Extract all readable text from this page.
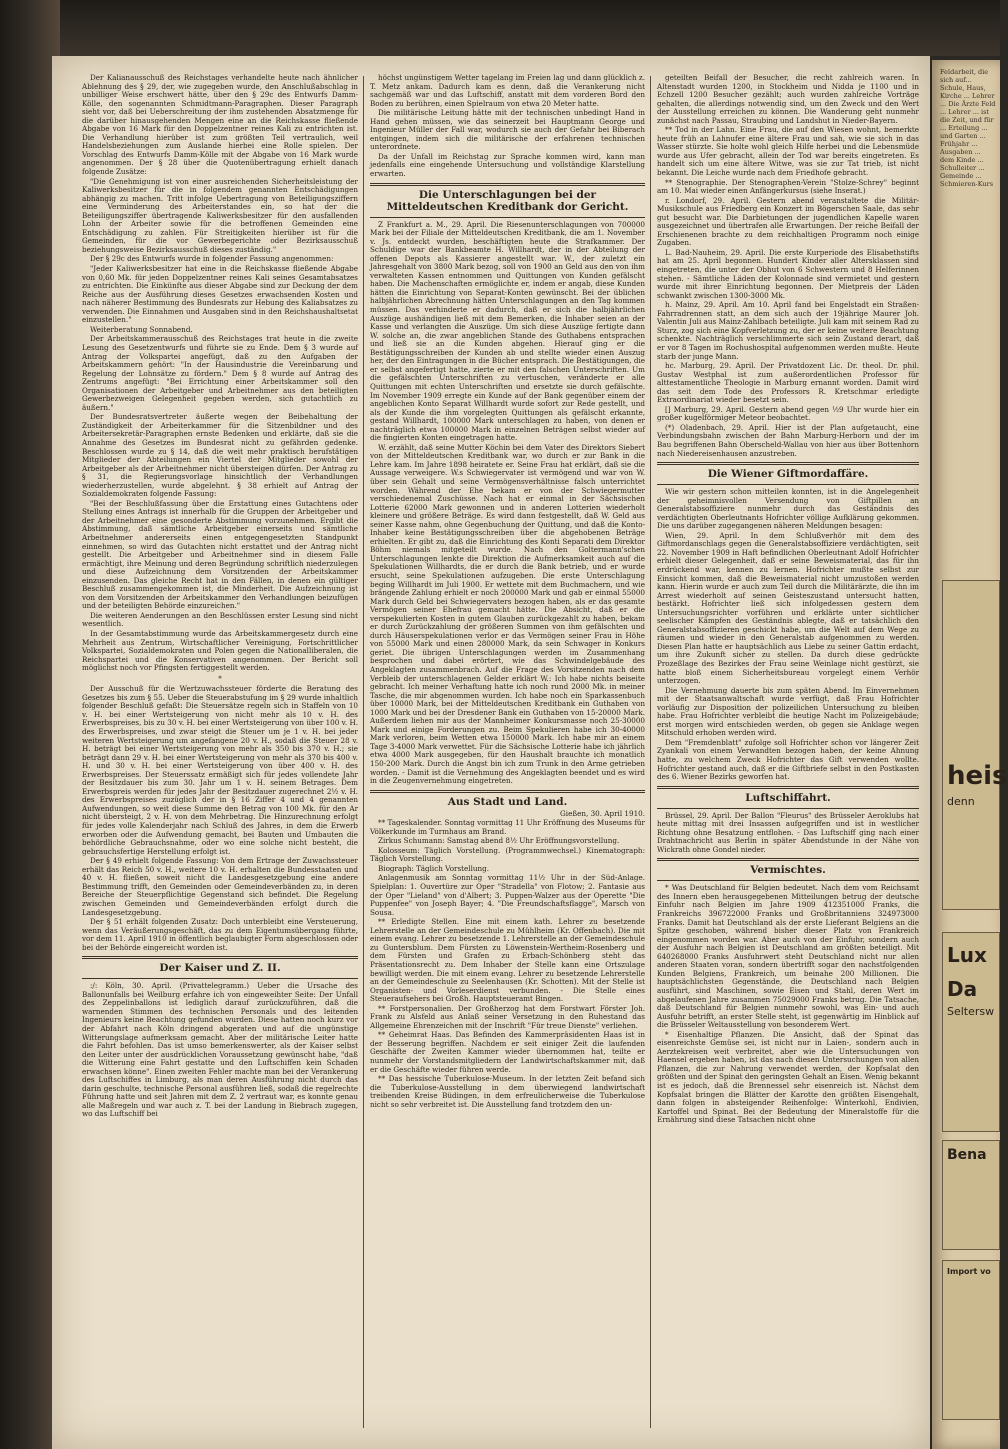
Der Kalianausschuß des Reichstages verhandelte heute nach ähnlicher Ablehnung des § 29, der, wie zugegeben wurde, den Anschlußabschlag in unbilliger Weise erschwert hätte, über den § 29c des Entwurfs Damm-Kölle, den sogenannten Schmidtmann-Paragraphen. Dieser Paragraph sieht vor, daß bei Ueberschreitung der ihm zustehenden Absatzmenge für die darüber hinausgehenden Mengen eine an die Reichskasse fließende Abgabe von 16 Mark für den Doppelzentner reines Kali zu entrichten ist. Die Verhandlung hierüber ist zum größten Teil vertraulich, weil Handelsbeziehungen zum Auslande hierbei eine Rolle spielen. Der Vorschlag des Entwurfs Damm-Kölle mit der Abgabe von 16 Mark wurde angenommen. Der § 28 über die Quotenübertragung erhielt danach folgende Zusätze:

"Die Genehmigung ist von einer ausreichenden Sicherheitsleistung der Kaliwerksbesitzer für die in folgendem genannten Entschädigungen abhängig zu machen. Tritt infolge Uebertragung von Beteiligungsziffern eine Verminderung des Arbeiterstandes ein, so hat der die Beteiligungsziffer übertragende Kaliwerksbesitzer für den ausfallenden Lohn der Arbeiter sowie für die betroffenen Gemeinden eine Entschädigung zu zahlen. Für Streitigkeiten hierüber ist für die Gemeinden, für die vor Gewerbegerichte oder Bezirksausschuß beziehungsweise Bezirksausschuß dieses zuständig."

Der § 29c des Entwurfs wurde in folgender Fassung angenommen:

"Jeder Kaliwerksbesitzer hat eine in die Reichskasse fließende Abgabe von 0,60 Mk. für jeden Doppelzentner reines Kali seines Gesamtabsatzes zu entrichten. Die Einkünfte aus dieser Abgabe sind zur Deckung der dem Reiche aus der Ausführung dieses Gesetzes erwachsenden Kosten und nach näherer Bestimmung des Bundesrats zur Hebung des Kaliabsatzes zu verwenden. Die Einnahmen und Ausgaben sind in den Reichshaushaltsetat einzustellen."

Weiterberatung Sonnabend.

Der Arbeitskammerausschuß des Reichstages trat heute in die zweite Lesung des Gesetzentwurfs und führte sie zu Ende. Dem § 3 wurde auf Antrag der Volkspartei angefügt, daß zu den Aufgaben der Arbeitskammern gehört: "In der Hausindustrie die Vereinbarung und Regelung der Lohnsätze zu fördern." Dem § 8 wurde auf Antrag des Zentrums angefügt: "Bei Errichtung einer Arbeitskammer soll den Organisationen der Arbeitgeber und Arbeitnehmer aus den beteiligten Gewerbezweigen Gelegenheit gegeben werden, sich gutachtlich zu äußern."

Der Bundesratsvertreter äußerte wegen der Beibehaltung der Zuständigkeit der Arbeiterkammer für die Sitzenbildner und des Arbeitersekretär-Paragraphen ernste Bedenken und erklärte, daß sie die Annahme des Gesetzes im Bundesrat nicht zu gefährden gedenke. Beschlossen wurde zu § 14, daß die weit mehr praktisch berufstätigen Mitglieder der Abteilungen ein Viertel der Mitglieder sowohl der Arbeitgeber als der Arbeitnehmer nicht übersteigen dürfen. Der Antrag zu § 31, die Regierungsvorlage hinsichtlich der Verhandlungen wiederherzustellen, wurde abgelehnt. § 38 erhielt auf Antrag der Sozialdemokraten folgende Fassung:

"Bei der Beschlußfassung über die Erstattung eines Gutachtens oder Stellung eines Antrags ist innerhalb für die Gruppen der Arbeitgeber und der Arbeitnehmer eine gesonderte Abstimmung vorzunehmen. Ergibt die Abstimmung, daß sämtliche Arbeitgeber einerseits und sämtliche Arbeitnehmer andererseits einen entgegengesetzten Standpunkt einnehmen, so wird das Gutachten nicht erstattet und der Antrag nicht gestellt. Die Arbeitgeber und Arbeitnehmer sind in diesem Falle ermächtigt, ihre Meinung und deren Begründung schriftlich niederzulegen und diese Aufzeichnung dem Vorsitzenden der Arbeitskammer einzusenden. Das gleiche Recht hat in den Fällen, in denen ein gültiger Beschluß zusammengekommen ist, die Minderheit. Die Aufzeichnung ist von dem Vorsitzenden der Arbeitskammer den Verhandlungen beizufügen und der beteiligten Behörde einzureichen."

Die weiteren Aenderungen an den Beschlüssen erster Lesung sind nicht wesentlich.

In der Gesamtabstimmung wurde das Arbeitskammergesetz durch eine Mehrheit aus Zentrum, Wirtschaftlicher Vereinigung, Fortschrittlicher Volkspartei, Sozialdemokraten und Polen gegen die Nationalliberalen, die Reichspartei und die Konservativen angenommen. Der Bericht soll möglichst noch vor Pfingsten fertiggestellt werden.

*

Der Ausschuß für die Wertzuwachssteuer förderte die Beratung des Gesetzes bis zum § 55. Ueber die Steuerabstufung im § 29 wurde inhaltlich folgender Beschluß gefaßt: Die Steuersätze regeln sich in Staffeln von 10 v. H. bei einer Wertsteigerung von nicht mehr als 10 v. H. des Erwerbspreises, bis zu 30 v. H. bei einer Wertsteigerung von über 100 v. H. des Erwerbspreises, und zwar steigt die Steuer um je 1 v. H. bei jeder weiteren Wertsteigerung um angefangene 20 v. H., sodaß die Steuer 28 v. H. beträgt bei einer Wertsteigerung von mehr als 350 bis 370 v. H.; sie beträgt dann 29 v. H. bei einer Wertsteigerung von mehr als 370 bis 400 v. H. und 30 v. H. bei einer Wertsteigerung von über 400 v. H. des Erwerbspreises. Der Steuerssatz ermäßigt sich für jedes vollendete Jahr der Besitzdauer bis zum 30. Jahr um 1 v. H. seinem Betrages. Dem Erwerbspreis werden für jedes Jahr der Besitzdauer zugerechnet 2½ v. H. des Erwerbspreises zuzüglich der in § 16 Ziffer 4 und 4 genannten Aufwendungen, so weit diese Summe den Betrag von 100 Mk. für den Ar nicht übersteigt, 2 v. H. von dem Mehrbetrag. Die Hinzurechnung erfolgt für jedes volle Kalenderjahr nach Schluß des Jahres, in dem die Erwerb erworben oder die Aufwendung gemacht, bei Bauten und Umbauten die behördliche Gebrauchsnahme, oder wo eine solche nicht besteht, die gebrauchsfertige Herstellung erfolgt ist.

Der § 49 erhielt folgende Fassung: Von dem Ertrage der Zuwachssteuer erhält das Reich 50 v. H., weitere 10 v. H. erhalten die Bundesstaaten und 40 v. H. fließen, soweit nicht die Landesgesetzgebung eine andere Bestimmung trifft, den Gemeinden oder Gemeindeverbänden zu, in deren Bereiche der Steuerpflichtige Gegenstand sich befindet. Die Regelung zwischen Gemeinden und Gemeindeverbänden erfolgt durch die Landesgesetzgebung.

Der § 51 erhält folgenden Zusatz: Doch unterbleibt eine Versteuerung, wenn das Veräußerungsgeschäft, das zu dem Eigentumsübergang führte, vor dem 11. April 1910 in öffentlich beglaubigter Form abgeschlossen oder bei der Behörde eingereicht worden ist.

Der Kaiser und Z. II.

:/: Köln, 30. April. (Privattelegramm.) Ueber die Ursache des Ballonunfalls bei Weilburg erfahre ich von eingeweihter Seite: Der Unfall des Zeppelinballons ist lediglich darauf zurückzuführen, daß die warnenden Stimmen des technischen Personals und des leitenden Ingenieurs keine Beachtung gefunden wurden. Diese hatten noch kurz vor der Abfahrt nach Köln dringend abgeraten und auf die ungünstige Witterungslage aufmerksam gemacht. Aber der militärische Leiter hatte die Fahrt befohlen. Das ist umso bemerkenswerter, als der Kaiser selbst den Leiter unter der ausdrücklichen Voraussetzung gewünscht habe, "daß die Witterung eine Fahrt gestatte und den Luftschiffen kein Schaden erwachsen könne". Einen zweiten Fehler machte man bei der Verankerung des Luftschiffes in Limburg, als man deren Ausführung nicht durch das darin geschulte, technische Personal ausführen ließ, sodaß die regelrechte Führung hatte und seit Jahren mit dem Z. 2 vertraut war, es konnte genau alle Maßregeln und war auch z. T. bei der Landung in Biebrach zugegen, wo das Luftschiff bei

höchst ungünstigem Wetter tagelang im Freien lag und dann glücklich z. T. Metz ankam. Dadurch kam es denn, daß die Verankerung nicht sachgemäß war und das Luftschiff, anstatt mit dem vorderen Bord den Boden zu berühren, einen Spielraum von etwa 20 Meter hatte.

Die militärische Leitung hätte mit der technischen unbedingt Hand in Hand gehen müssen, wie das seinerzeit bei Hauptmann George und Ingenieur Müller der Fall war, wodurch sie auch der Gefahr bei Biberach entgingen, indem sich die militärische der erfahrenen technischen unterordnete.

Da der Unfall im Reichstag zur Sprache kommen wird, kann man jedenfalls eine eingehende Untersuchung und vollständige Klarstellung erwarten.

Die Unterschlagungen bei der Mitteldeutschen Kreditbank dor Gericht.

Z Frankfurt a. M., 29. April. Die Riesenunterschlagungen von 700000 Mark bei der Filiale der Mitteldeutschen Kreditbank, die am 1. November v. Js. entdeckt wurden, beschäftigten heute die Strafkammer. Der Schuldige war der Bankbeamte H. Willhardt, der in der Abteilung der offenen Depots als Kassierer angestellt war. W., der zuletzt ein Jahresgehalt von 3800 Mark bezog, soll von 1900 an Geld aus den von ihm verwalteten Kassen entnommen und Quittungen von Kunden gefälscht haben. Die Machenschaften ermöglichte er, indem er angab, diese Kunden hätten die Einrichtung von Separat-Konten gewünscht. Bei der üblichen halbjährlichen Abrechnung hätten Unterschlagungen an den Tag kommen müssen. Das verhinderte er dadurch, daß er sich die halbjährlichen Auszüge aushändigen ließ mit dem Bemerken, die Inhaber seien an der Kasse und verlangten die Auszüge. Um sich diese Auszüge fertigte dann W. solche an, die zwar angeblichen Stande des Guthabens entsprachen und ließ sie an die Kunden abgehen. Hierauf ging er die Bestätigungsschreiben der Kunden ab und stellte wieder einen Auszug her, der den Eintragungen in die Bücher entsprach. Die Bestätigungen, die er selbst angefertigt hatte, zierte er mit den falschen Unterschriften. Um die gefälschten Unterschriften zu vertuschen, veränderte er alle Quittungen mit echten Unterschriften und ersetzte sie durch gefälschte. Im November 1909 erregte ein Kunde auf der Bank gegenüber einem der angeblichen Konto Separat Willhardt wurde sofort zur Rede gestellt, und als der Kunde die ihm vorgelegten Quittungen als gefälscht erkannte, gestand Willhardt, 100000 Mark unterschlagen zu haben, von denen er nachträglich etwa 100000 Mark in einzelnen Beträgen selbst wieder auf die fingierten Konten eingetragen hatte.

W. erzählt, daß seine Mutter Köchin bei dem Vater des Direktors Siebert von der Mitteldeutschen Kreditbank war, wo durch er zur Bank in die Lehre kam. Im Jahre 1898 heiratete er. Seine Frau hat erklärt, daß sie die Aussage verweigere. W.s Schwiegervater ist vermögend und war von W. über sein Gehalt und seine Vermögensverhältnisse falsch unterrichtet worden. Während der Ehe bekam er von der Schwiegermutter verschiedenemal Zuschüsse. Nach hat er einmal in der Sächsischen Lotterie 62000 Mark gewonnen und in anderen Lotterien wiederholt kleinere und größere Beträge. Es wird dann festgestellt, daß W. Geld aus seiner Kasse nahm, ohne Gegenbuchung der Quittung, und daß die Konto-Inhaber keine Bestätigungsschreiben über die abgehobenen Beträge erhielten. Er gibt zu, daß die Einrichtung des Konti Separati dem Direktor Böhm niemals mitgeteilt wurde. Nach den Goltermann'schen Unterschlagungen lenkte die Direktion die Aufmerksamkeit auch auf die Spekulationen Willhardts, die er durch die Bank betrieb, und er wurde ersucht, seine Spekulationen aufzugeben. Die erste Unterschlagung beging Willhardt im Juli 1900. Er wettete mit dem Buchmachern, und wie brängende Zahlung erhielt er noch 200000 Mark und gab er einmal 55000 Mark durch Geld bei Schwiegervaters bezogen haben, als er das gesamte Vermögen seiner Ehefrau gemacht hätte. Die Absicht, daß er die verspekulierten Kosten in gutem Glauben zurückgezahlt zu haben, bekam er durch Zurückzahlung der größeren Summen von ihm gefälschten und durch Häuserspekulationen verlor er das Vermögen seiner Frau in Höhe von 55000 Mark und einen 280000 Mark, da sein Schwager in Konkurs geriet. Die übrigen Unterschlagungen werden im Zusammenhang besprochen und dabei erörtert, wie das Schwindelgebäude des Angeklagten zusammenbrach. Auf die Frage des Vorsitzenden nach dem Verbleib der unterschlagenen Gelder erklärt W.: Ich habe nichts beiseite gebracht. Ich meiner Verhaftung hatte ich noch rund 2000 Mk. in meiner Tasche, die mir abgenommen wurden. Ich habe noch ein Sparkassenbuch über 10000 Mark, bei der Mitteldeutschen Kreditbank ein Guthaben von 1000 Mark und bei der Dresdener Bank ein Guthaben von 15-20000 Mark. Außerdem liehen mir aus der Mannheimer Konkursmasse noch 25-30000 Mark und einige Forderungen zu. Beim Spekulieren habe ich 30-40000 Mark verloren, beim Wetten etwa 150000 Mark. Ich habe mir an einem Tage 3-4000 Mark verwettet. Für die Sächsische Lotterie habe ich jährlich etwa 4000 Mark ausgegeben, für den Haushalt brauchte ich monatlich 150-200 Mark. Durch die Angst bin ich zum Trunk in den Arme getrieben worden. - Damit ist die Vernehmung des Angeklagten beendet und es wird in die Zeugenvernehmung eingetreten.

Aus Stadt und Land.

Gießen, 30. April 1910.

** Tageskalender. Sonntag vormittag 11 Uhr Eröffnung des Museums für Völkerkunde im Turmhaus am Brand.

Zirkus Schumann: Samstag abend 8½ Uhr Eröffnungsvorstellung.

Kolosseum: Täglich Vorstellung. (Programmwechsel.) Kinematograph: Täglich Vorstellung.

Biograph: Täglich Vorstellung.

Anlagenmusik am Sonntag vormittag 11½ Uhr in der Süd-Anlage. Spielplan: 1. Ouvertüre zur Oper "Stradella" von Flotow; 2. Fantasie aus der Oper "Lieland" von d'Albert; 3. Puppen-Walzer aus der Operette "Die Puppenfee" von Joseph Bayer; 4. "Die Freundschaftsflagge", Marsch von Sousa.

** Erledigte Stellen. Eine mit einem kath. Lehrer zu besetzende Lehrerstelle an der Gemeindeschule zu Mühlheim (Kr. Offenbach). Die mit einem evang. Lehrer zu besetzende 1. Lehrerstelle an der Gemeindeschule zu Guntersblum. Dem Fürsten zu Löwenstein-Wertheim-Rosenberg und dem Fürsten und Grafen zu Erbach-Schönberg steht das Präsentationsrecht zu. Dem Inhaber der Stelle kann eine Ortszulage bewilligt werden. Die mit einem evang. Lehrer zu besetzende Lehrerstelle an der Gemeindeschule zu Seelenhausen (Kr. Schotten). Mit der Stelle ist Organisten- und Vorleserdienst verbunden. - Die Stelle eines Steueraufsehers bei Großh. Hauptsteueramt Bingen.

** Forstpersonalien. Der Großherzog hat dem Forstwart Förster Joh. Frank zu Alsfeld aus Anlaß seiner Versetzung in den Ruhestand das Allgemeine Ehrenzeichen mit der Inschrift "Für treue Dienste" verliehen.

** Geheimrat Haas. Das Befinden des Kammerpräsidenten Haas ist in der Besserung begriffen. Nachdem er seit einiger Zeit die laufenden Geschäfte der Zweiten Kammer wieder übernommen hat, teilte er nunmehr der Vorstandsmitgliedern der Landwirtschaftskammer mit, daß er die Geschäfte wieder führen werde.

** Das hessische Tuberkulose-Museum. In der letzten Zeit befand sich die Tuberkulose-Ausstellung in dem überwiegend landwirtschaft treibenden Kreise Büdingen, in dem erfreulicherweise die Tuberkulose nicht so sehr verbreitet ist. Die Ausstellung fand trotzdem den un-

geteilten Beifall der Besucher, die recht zahlreich waren. In Altenstadt wurden 1200, in Stockheim und Nidda je 1100 und in Echzell 1200 Besucher gezählt; auch wurden zahlreiche Vorträge gehalten, die allerdings notwendig sind, um den Zweck und den Wert der Ausstellung erreichen zu können. Die Wanderung geht nunmehr zunächst nach Passau, Straubing und Landshut in Nieder-Bayern.

** Tod in der Lahn. Eine Frau, die auf den Wiesen wohnt, bemerkte heute früh an Lahnufer eine ältere Frau und sah, wie sie sich in das Wasser stürzte. Sie holte wohl gleich Hilfe herbei und die Lebensmüde wurde aus Ufer gebracht, allein der Tod war bereits eingetreten. Es handelt sich um eine ältere Witwe, was sie zur Tat trieb, ist nicht bekannt. Die Leiche wurde nach dem Friedhofe gebracht.

** Stenographie. Der Stenographen-Verein "Stolze-Schrey" beginnt am 10. Mai wieder einen Anfängerkursus (siehe Inserat.)

r. Londorf, 29. April. Gestern abend veranstaltete die Militär-Musikschule aus Friedberg ein Konzert im Bögerschen Saale, das sehr gut besucht war. Die Darbietungen der jugendlichen Kapelle waren ausgezeichnet und übertrafen alle Erwartungen. Der reiche Beifall der Erschienenen brachte zu dem reichhaltigen Programm noch einige Zugaben.

L. Bad-Nauheim, 29. April. Die erste Kurperiode des Elisabethstifts hat am 25. April begonnen. Hundert Kinder aller Altersklassen sind eingetreten, die unter der Obhut von 6 Schwestern und 8 Helferinnen stehen. - Sämtliche Läden der Kolonnade sind vermietet und gestern wurde mit ihrer Einrichtung begonnen. Der Mietpreis der Läden schwankt zwischen 1300-3000 Mk.

h. Mainz, 29. April. Am 10. April fand bei Engelstadt ein Straßen-Fahrradrennen statt, an dem sich auch der 19jährige Maurer Joh. Valentin Juli aus Mainz-Zahlbach beteiligte. Juli kam mit seinem Rad zu Sturz, zog sich eine Kopfverletzung zu, der er keine weitere Beachtung schenkte. Nachträglich verschlimmerte sich sein Zustand derart, daß er vor 8 Tagen im Rochushospital aufgenommen werden mußte. Heute starb der junge Mann.

hc. Marburg, 29. April. Der Privatdozent Lic. Dr. theol. Dr. phil. Gustav Westphal ist zum außerordentlichen Professor für alttestamentliche Theologie in Marburg ernannt worden. Damit wird das seit dem Tode des Professors R. Kretschmar erledigte Extraordinariat wieder besetzt sein.

[] Marburg, 29. April. Gestern abend gegen ½9 Uhr wurde hier ein großer kugelförmiger Meteor beobachtet.

(*) Oladenbach, 29. April. Hier ist der Plan aufgetaucht, eine Verbindungsbahn zwischen der Bahn Marburg-Herborn und der im Bau begriffenen Bahn Oberscheld-Wallau von hier aus über Bottenhorn nach Niedereisenhausen anzustreben.

Die Wiener Giftmordaffäre.

Wie wir gestern schon mitteilen konnten, ist in die Angelegenheit der geheimnisvollen Versendung von Giftpillen an Generalstabsoffiziere nunmehr durch das Geständnis des verdächtigten Oberleutnants Hofrichter völlige Aufklärung gekommen. Die uns darüber zugegangenen näheren Meldungen besagen:

Wien, 29. April. In dem Schlußverhör mit dem des Giftmordanschlags gegen die Generalstabsoffiziere verdächtigten, seit 22. November 1909 in Haft befindlichen Oberleutnant Adolf Hofrichter erhielt dieser Gelegenheit, daß er seine Beweismaterial, das für ihn erdrückend war, kennen zu lernen. Hofrichter mußte selbst zur Einsicht kommen, daß die Beweismaterial nicht umzustoßen werden kann. Hierin wurde er auch zum Teil durch die Militärärzte, die ihn im Arrest wiederholt auf seinen Geisteszustand untersucht hatten, bestärkt. Hofrichter ließ sich infolgedessen gestern dem Untersuchungsrichter vorführen und erklärte unter sichtlicher seelischer Kämpfen des Geständnis ablegte, daß er tatsächlich den Generalstabsoffizieren geschickt habe, um die Welt auf dem Wege zu räumen und wieder in den Generalstab aufgenommen zu werden. Diesen Plan hatte er hauptsächlich aus Liebe zu seiner Gattin erdacht, um ihre Zukunft sicher zu stellen. Da durch diese gedrückte Prozeßlage des Bezirkes der Frau seine Weinlage nicht gestürzt, sie hatte bloß einem Sicherheitsbureau vorgelegt einem Verhör unterzogen.

Die Vernehmung dauerte bis zum späten Abend. Im Einvernehmen mit der Staatsanwaltschaft wurde verfügt, daß Frau Hofrichter vorläufig zur Disposition der polizeilichen Untersuchung zu bleiben habe. Frau Hofrichter verbleibt die heutige Nacht im Polizeigebäude; erst morgen wird entschieden werden, ob gegen sie Anklage wegen Mitschuld erhoben werden wird.

Dem "Fremdenblatt" zufolge soll Hofrichter schon vor längerer Zeit Zyankali von einem Verwandten bezogen haben, der keine Ahnung hatte, zu welchem Zweck Hofrichter das Gift verwenden wollte. Hofrichter gestand auch, daß er die Giftbriefe selbst in den Postkasten des 6. Wiener Bezirks geworfen hat.

Luftschiffahrt.

Brüssel, 29. April. Der Ballon "Fleurus" des Brüsseler Aeroklubs hat heute mittag mit drei Insassen aufgegriffen und ist in westlicher Richtung ohne Besatzung entflohen. - Das Luftschiff ging nach einer Drahtnachricht aus Berlin in später Abendstunde in der Nähe von Wickrath ohne Gondel nieder.

Vermischtes.

* Was Deutschland für Belgien bedeutet. Nach dem vom Reichsamt des Innern eben herausgegebenen Mitteilungen betrug der deutsche Einfuhr nach Belgien im Jahre 1909 412351000 Franks, die Frankreichs 396722000 Franks und Großbritanniens 324973000 Franks. Damit hat Deutschland als der erste Lieferant Belgiens an die Spitze geschoben, während bisher dieser Platz von Frankreich eingenommen worden war. Aber auch von der Einfuhr, sondern auch der Ausfuhr nach Belgien ist Deutschland am größten beteiligt. Mit 640268000 Franks Ausfuhrwert steht Deutschland nicht nur allen anderen Staaten voran, sondern übertrifft sogar den nachstfolgenden Kunden Belgiens, Frankreich, um beinahe 200 Millionen. Die hauptsächlichsten Gegenstände, die Deutschland nach Belgien ausführt, sind Maschinen, sowie Eisen und Stahl, deren Wert im abgelaufenen Jahre zusammen 75029000 Franks betrug. Die Tatsache, daß Deutschland für Belgien nunmehr sowohl, was Ein- und auch Ausfuhr betrifft, an erster Stelle steht, ist gegenwärtig im Hinblick auf die Brüsseler Weltausstellung von besonderem Wert.

* Eisenhaltige Pflanzen. Die Ansicht, daß der Spinat das eisenreichste Gemüse sei, ist nicht nur in Laien-, sondern auch in Aerztekreisen weit verbreitet, aber wie die Untersuchungen von Haensel ergeben haben, ist das nach diesen Untersuchungen von allen Pflanzen, die zur Nahrung verwendet werden, der Kopfsalat den größten und der Spinat den geringsten Gehalt an Eisen. Wenig bekannt ist es jedoch, daß die Brennessel sehr eisenreich ist. Nächst dem Kopfsalat bringen die Blätter der Karotte den größten Eisengehalt, dann folgen in absteigender Reihenfolge: Winterkohl, Endivien, Kartoffel und Spinat. Bei der Bedeutung der Mineralstoffe für die Ernährung sind diese Tatsachen nicht ohne

Feldarbeit, die sich auf... Schule, Haus, Kirche ... Lehrer ... Die Ärzte Feld ... Lehrer ... ist die Zeit, und für ... Erteilung ... und Garten ... Frühjahr ... Ausgaben ... dem Kinde ... Schulleiter ... Gemeinde ... Schmieren-Kurs
heis
denn
Lux
Da
Seltersw
Bena
Import vo
